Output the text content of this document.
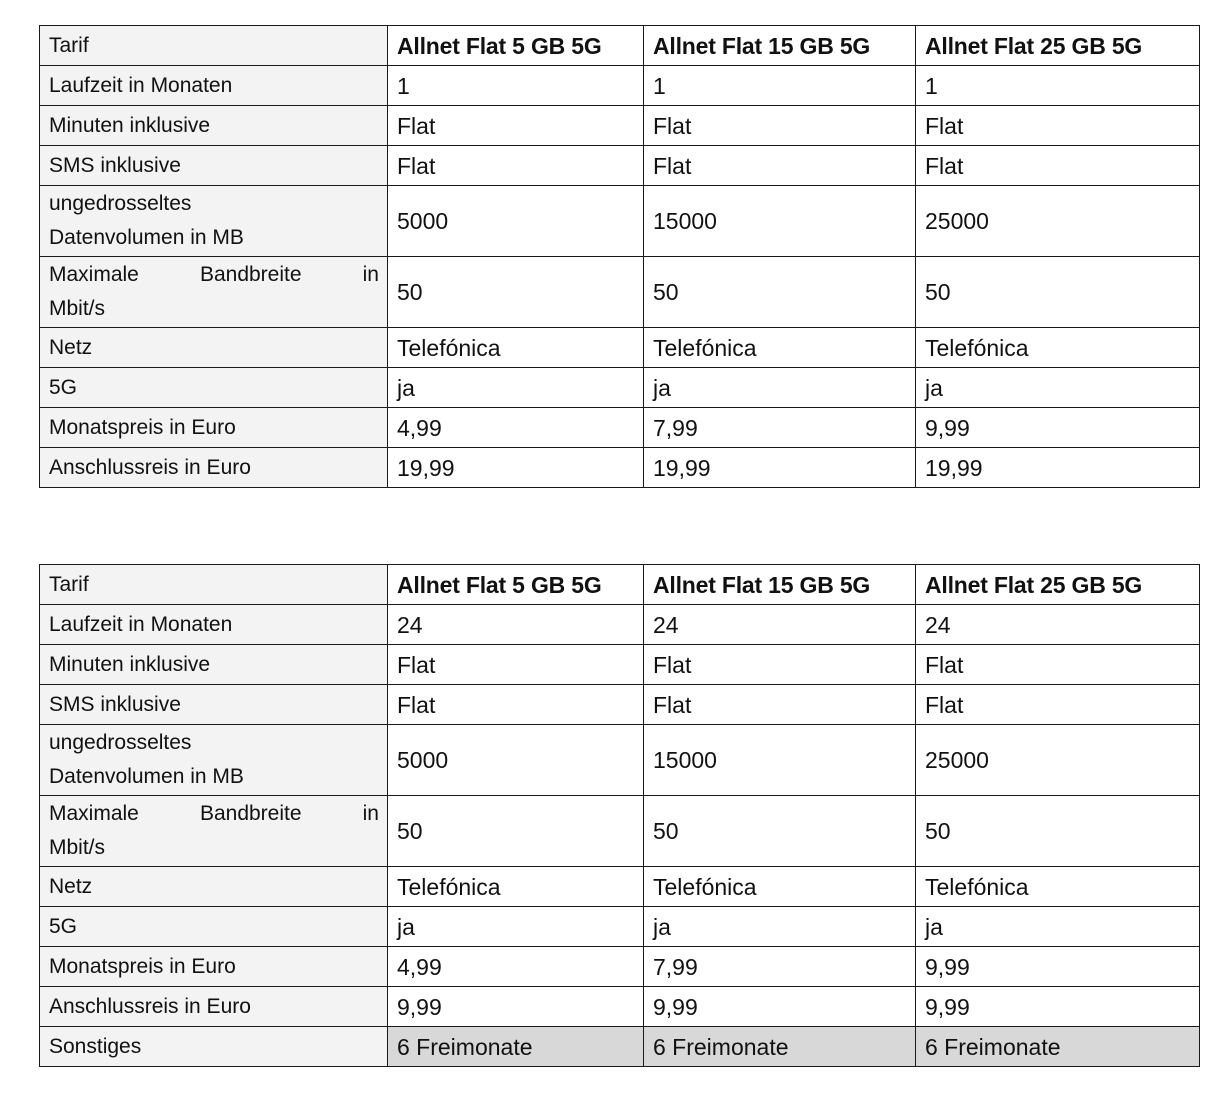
Tarif	Allnet Flat 5 GB 5G	Allnet Flat 15 GB 5G	Allnet Flat 25 GB 5G
Laufzeit in Monaten	1	1	1
Minuten inklusive	Flat	Flat	Flat
SMS inklusive	Flat	Flat	Flat

ungedrosseltes
Datenvolumen in MB	5000	15000	25000

Maximale Bandbreite in
Mbit/s	50	50	50
Netz	Telefónica	Telefónica	Telefónica
5G	ja	ja	ja
Monatspreis in Euro	4,99	7,99	9,99
Anschlussreis in Euro	19,99	19,99	19,99
Tarif	Allnet Flat 5 GB 5G	Allnet Flat 15 GB 5G	Allnet Flat 25 GB 5G
Laufzeit in Monaten	24	24	24
Minuten inklusive	Flat	Flat	Flat
SMS inklusive	Flat	Flat	Flat

ungedrosseltes
Datenvolumen in MB	5000	15000	25000

Maximale Bandbreite in
Mbit/s	50	50	50
Netz	Telefónica	Telefónica	Telefónica
5G	ja	ja	ja
Monatspreis in Euro	4,99	7,99	9,99
Anschlussreis in Euro	9,99	9,99	9,99
Sonstiges	6 Freimonate	6 Freimonate	6 Freimonate
